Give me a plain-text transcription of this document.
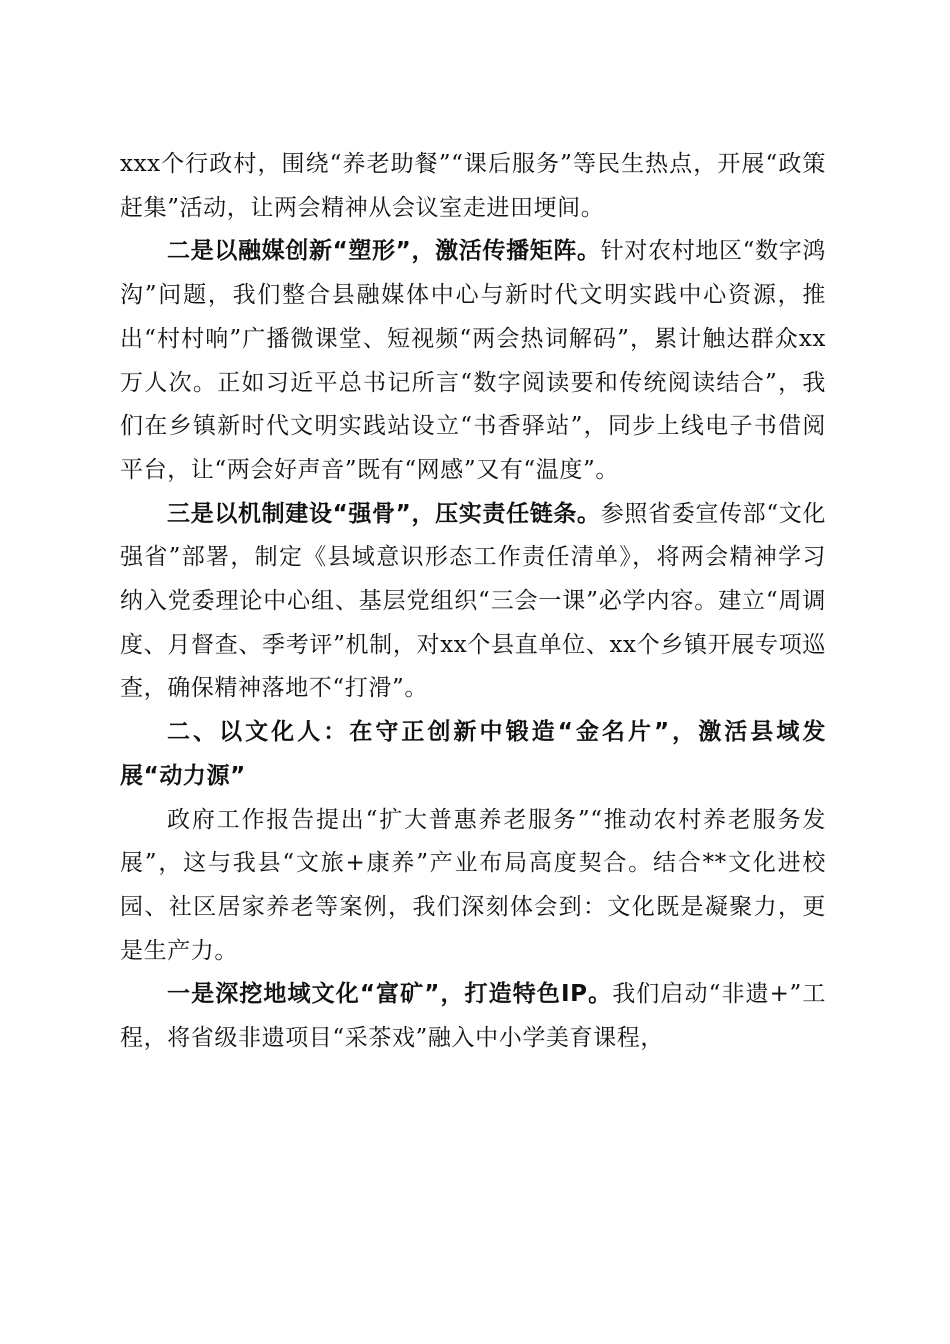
xxx个行政村，围绕“养老助餐”“课后服务”等民生热点，开展“政策赶集”活动，让两会精神从会议室走进田埂间。

二是以融媒创新“塑形”，激活传播矩阵。针对农村地区“数字鸿沟”问题，我们整合县融媒体中心与新时代文明实践中心资源，推出“村村响”广播微课堂、短视频“两会热词解码”，累计触达群众xx万人次。正如习近平总书记所言“数字阅读要和传统阅读结合”，我们在乡镇新时代文明实践站设立“书香驿站”，同步上线电子书借阅平台，让“两会好声音”既有“网感”又有“温度”。

三是以机制建设“强骨”，压实责任链条。参照省委宣传部“文化强省”部署，制定《县域意识形态工作责任清单》，将两会精神学习纳入党委理论中心组、基层党组织“三会一课”必学内容。建立“周调度、月督查、季考评”机制，对xx个县直单位、xx个乡镇开展专项巡查，确保精神落地不“打滑”。

二、以文化人：在守正创新中锻造“金名片”，激活县域发展“动力源”

政府工作报告提出“扩大普惠养老服务”“推动农村养老服务发展”，这与我县“文旅+康养”产业布局高度契合。结合**文化进校园、社区居家养老等案例，我们深刻体会到：文化既是凝聚力，更是生产力。

一是深挖地域文化“富矿”，打造特色IP。我们启动“非遗+”工程，将省级非遗项目“采茶戏”融入中小学美育课程，
